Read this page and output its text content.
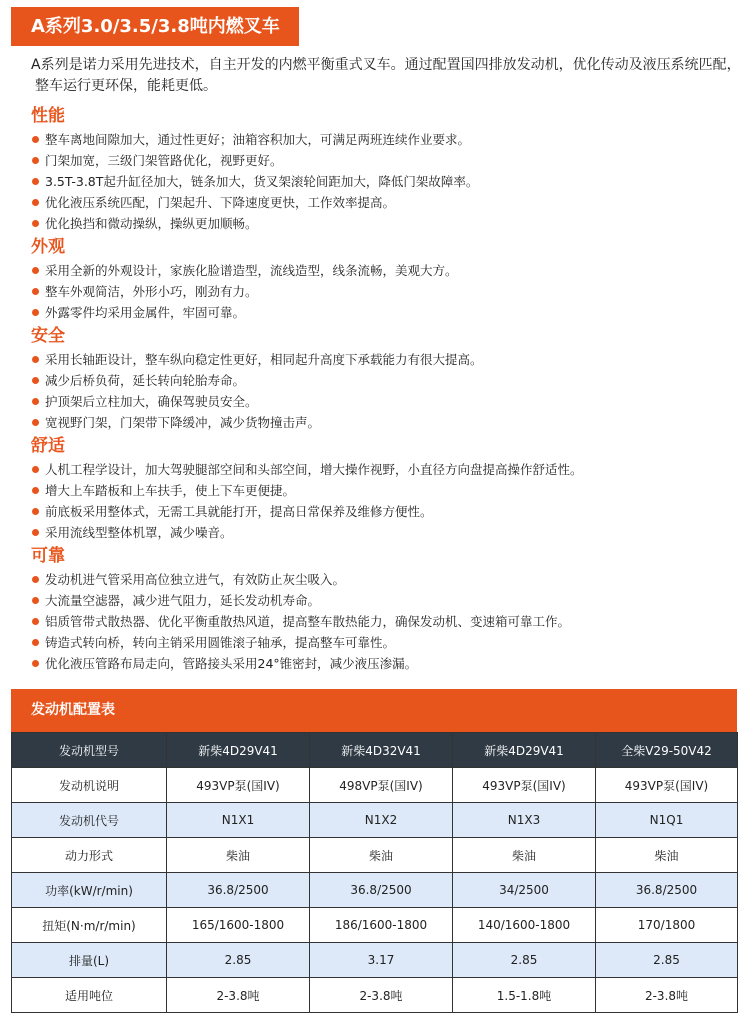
A系列3.0/3.5/3.8吨内燃叉车
A系列是诺力采用先进技术，自主开发的内燃平衡重式叉车。通过配置国四排放发动机，优化传动及液压系统匹配，
整车运行更环保，能耗更低。
性能
整车离地间隙加大，通过性更好；油箱容积加大，可满足两班连续作业要求。
门架加宽，三级门架管路优化，视野更好。
3.5T-3.8T起升缸径加大，链条加大，货叉架滚轮间距加大，降低门架故障率。
优化液压系统匹配，门架起升、下降速度更快，工作效率提高。
优化换挡和微动操纵，操纵更加顺畅。
外观
采用全新的外观设计，家族化脸谱造型，流线造型，线条流畅，美观大方。
整车外观简洁，外形小巧，刚劲有力。
外露零件均采用金属件，牢固可靠。
安全
采用长轴距设计，整车纵向稳定性更好，相同起升高度下承载能力有很大提高。
减少后桥负荷，延长转向轮胎寿命。
护顶架后立柱加大，确保驾驶员安全。
宽视野门架，门架带下降缓冲，减少货物撞击声。
舒适
人机工程学设计，加大驾驶腿部空间和头部空间，增大操作视野，小直径方向盘提高操作舒适性。
增大上车踏板和上车扶手，使上下车更便捷。
前底板采用整体式，无需工具就能打开，提高日常保养及维修方便性。
采用流线型整体机罩，减少噪音。
可靠
发动机进气管采用高位独立进气，有效防止灰尘吸入。
大流量空滤器，减少进气阻力，延长发动机寿命。
铝质管带式散热器、优化平衡重散热风道，提高整车散热能力，确保发动机、变速箱可靠工作。
铸造式转向桥，转向主销采用圆锥滚子轴承，提高整车可靠性。
优化液压管路布局走向，管路接头采用24°锥密封，减少液压渗漏。
发动机配置表
发动机型号	新柴4D29V41	新柴4D32V41	新柴4D29V41	全柴V29-50V42
发动机说明	493VP泵(国IV)	498VP泵(国IV)	493VP泵(国IV)	493VP泵(国IV)
发动机代号	N1X1	N1X2	N1X3	N1Q1
动力形式	柴油	柴油	柴油	柴油
功率(kW/r/min)	36.8/2500	36.8/2500	34/2500	36.8/2500
扭矩(N·m/r/min)	165/1600-1800	186/1600-1800	140/1600-1800	170/1800
排量(L)	2.85	3.17	2.85	2.85
适用吨位	2-3.8吨	2-3.8吨	1.5-1.8吨	2-3.8吨
